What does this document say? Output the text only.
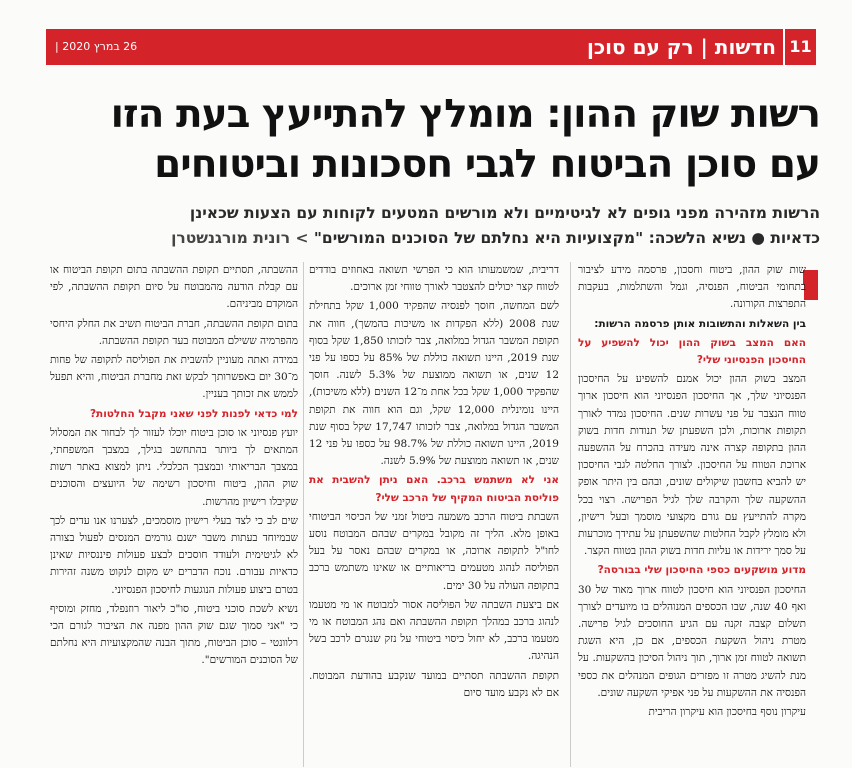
11
חדשות | רק עם סוכן
26 במרץ 2020 |
רשות שוק ההון: מומלץ להתייעץ בעת הזו
עם סוכן הביטוח לגבי חסכונות וביטוחים
הרשות מזהירה מפני גופים לא לגיטימיים ולא מורשים המטעים לקוחות עם הצעות שכאינן
כדאיות ● נשיא הלשכה: "מקצועיות היא נחלתם של הסוכנים המורשים" > רונית מורגנשטרן

שות שוק ההון, ביטוח וחסכון, פרסמה מידע לציבור בתחומי הביטוח, הפנסיה, וגמל והשתלמות, בעקבות התפרצות הקורונה.

בין השאלות והתשובות אותן פרסמה הרשות:

האם המצב בשוק ההון יכול להשפיע על החיסכון הפנסיוני שלי?

המצב בשוק ההון יכול אמנם להשפיע על החיסכון הפנסיוני שלך, אך החיסכון הפנסיוני הוא חיסכון ארוך טווח הנצבר על פני עשרות שנים. החיסכון נמדד לאורך תקופות ארוכות, ולכן השפעתן של תנודות חדות בשוק ההון בתקופה קצרה אינה מעידה בהכרח על ההשפעה ארוכת הטווח על החיסכון. לצורך החלטה לגבי החיסכון יש להביא בחשבון שיקולים שונים, ובהם בין היתר אופק ההשקעה שלך והקרבה שלך לגיל הפרישה. רצוי בכל מקרה להתייעץ עם גורם מקצועי מוסמך ובעל רישיון, ולא מומלץ לקבל החלטות שהשפעתן על עתידך מוכרעות על סמך ירידות או עליות חדות בשוק ההון בטווח הקצר.

מדוע מושקעים כספי החיסכון שלי בבורסה?

החיסכון הפנסיוני הוא חיסכון לטווח ארוך מאוד של 30 ואף 40 שנה, שבו הכספים המנוהלים בו מיועדים לצורך תשלום קצבה זקנה עם הגיע החוסכים לגיל פרישה. מטרת ניהול השקעת הכספים, אם כן, היא השגת תשואה לטווח זמן ארוך, תוך ניהול הסיכון בהשקעות. על מנת להשיג מטרה זו מפזרים הגופים המנהלים את כספי הפנסיה את ההשקעות על פני אפיקי השקעה שונים.

עיקרון נוסף בחיסכון הוא עיקרון הריבית

דריבית, שמשמעותו הוא כי הפרשי תשואה באחוזים בודדים לטווח קצר יכולים להצטבר לאורך טווחי זמן ארוכים.

לשם המחשה, חוסך לפנסיה שהפקיד 1,000 שקל בתחילת שנת 2008 (ללא הפקדות או משיכות בהמשך), חווה את תקופת המשבר הגדול במלואה, צבר לזכותו 1,850 שקל בסוף שנת 2019, היינו תשואה כוללת של 85% על כספו על פני 12 שנים, או תשואה ממוצעת של 5.3% לשנה. חוסך שהפקיד 1,000 שקל בכל אחת מ־12 השנים (ללא משיכות), היינו נומינלית 12,000 שקל, וגם הוא חווה את תקופת המשבר הגדול במלואה, צבר לזכותו 17,747 שקל בסוף שנת 2019, היינו תשואה כוללת של 98.7% על כספו על פני 12 שנים, או תשואה ממוצעת של 5.9% לשנה.

אני לא משתמש ברכב. האם ניתן להשבית את פוליסת הביטוח המקיף של הרכב שלי?

השבתת ביטוח הרכב משמעה ביטול זמני של הכיסוי הביטוחי באופן מלא. הליך זה מקובל במקרים שבהם המבוטח נוסע לחו"ל לתקופה ארוכה, או במקרים שבהם נאסר על בעל הפוליסה לנהוג מטעמים בריאותיים או שאינו משתמש ברכב בתקופה העולה על 30 ימים.

אם ביצעת השבתה של הפוליסה אסור למבוטח או מי מטעמו לנהוג ברכב במהלך תקופת ההשבתה ואם נהג המבוטח או מי מטעמו ברכב, לא יחול כיסוי ביטוחי על נזק שנגרם לרכב בשל הנהיגה.

תקופת ההשבתה תסתיים במועד שנקבע בהודעת המבוטח. אם לא נקבע מועד סיום

ההשבתה, תסתיים תקופת ההשבתה בתום תקופת הביטוח או עם קבלת הודעה מהמבוטח על סיום תקופת ההשבתה, לפי המוקדם מביניהם.

בתום תקופת ההשבתה, חברת הביטוח תשיב את החלק היחסי מהפרמיה ששילם המבוטח בעד תקופת ההשבתה.

במידה ואתה מעוניין להשבית את הפוליסה לתקופה של פחות מ־30 יום באפשרותך לבקש זאת מחברת הביטוח, והיא תפעל לממש את זכותך בעניין.

למי כדאי לפנות לפני שאני מקבל החלטות?

יועץ פנסיוני או סוכן ביטוח יוכלו לעזור לך לבחור את המסלול המתאים לך ביותר בהתחשב בגילך, במצבך המשפחתי, במצבך הבריאותי ובמצבך הכלכלי. ניתן למצוא באתר רשות שוק ההון, ביטוח וחיסכון רשימה של היועצים והסוכנים שקיבלו רישיון מהרשות.

שים לב כי לצד בעלי רישיון מוסמכים, לצערנו אנו עדים לכך שבמיוחד בעתות משבר ישנם גורמים המנסים לפעול בצורה לא לגיטימית ולעודד חוסכים לבצע פעולות פיננסיות שאינן כדאיות עבורם. נוכח הדברים יש מקום לנקוט משנה זהירות בטרם ביצוע פעולות הנוגעות לחיסכון הפנסיוני.

נשיא לשכת סוכני ביטוח, סו"כ ליאור רוזנפלד, מחזק ומוסיף כי "אני סמוך שגם שוק ההון מפנה את הציבור לגורם הכי רלוונטי – סוכן הביטוח, מתוך הבנה שהמקצועיות היא נחלתם של הסוכנים המורשים".
